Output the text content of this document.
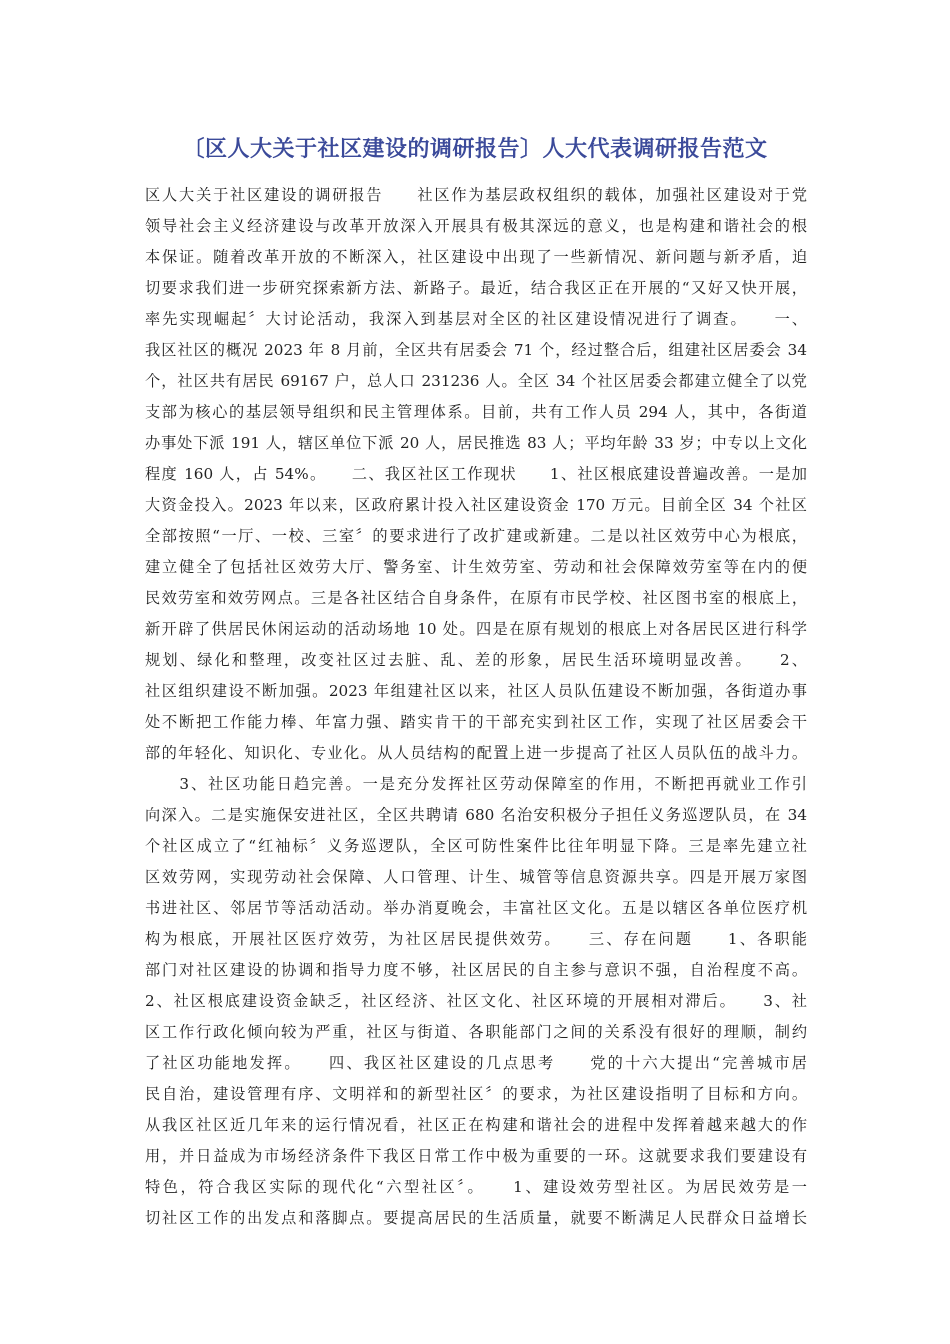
〔区人大关于社区建设的调研报告〕人大代表调研报告范文
区人大关于社区建设的调研报告　　社区作为基层政权组织的载体，加强社区建设对于党
领导社会主义经济建设与改革开放深入开展具有极其深远的意义，也是构建和谐社会的根
本保证。随着改革开放的不断深入，社区建设中出现了一些新情况、新问题与新矛盾，迫
切要求我们进一步研究探索新方法、新路子。最近，结合我区正在开展的“又好又快开展，
率先实现崛起〞大讨论活动，我深入到基层对全区的社区建设情况进行了调查。　　一、
我区社区的概况 2023 年 8 月前，全区共有居委会 71 个，经过整合后，组建社区居委会 34
个，社区共有居民 69167 户，总人口 231236 人。全区 34 个社区居委会都建立健全了以党
支部为核心的基层领导组织和民主管理体系。目前，共有工作人员 294 人，其中，各街道
办事处下派 191 人，辖区单位下派 20 人，居民推选 83 人；平均年龄 33 岁；中专以上文化
程度 160 人，占 54%。　　二、我区社区工作现状　　1、社区根底建设普遍改善。一是加
大资金投入。2023 年以来，区政府累计投入社区建设资金 170 万元。目前全区 34 个社区
全部按照“一厅、一校、三室〞的要求进行了改扩建或新建。二是以社区效劳中心为根底，
建立健全了包括社区效劳大厅、警务室、计生效劳室、劳动和社会保障效劳室等在内的便
民效劳室和效劳网点。三是各社区结合自身条件，在原有市民学校、社区图书室的根底上，
新开辟了供居民休闲运动的活动场地 10 处。四是在原有规划的根底上对各居民区进行科学
规划、绿化和整理，改变社区过去脏、乱、差的形象，居民生活环境明显改善。　　2、
社区组织建设不断加强。2023 年组建社区以来，社区人员队伍建设不断加强，各街道办事
处不断把工作能力棒、年富力强、踏实肯干的干部充实到社区工作，实现了社区居委会干
部的年轻化、知识化、专业化。从人员结构的配置上进一步提高了社区人员队伍的战斗力。
　　3、社区功能日趋完善。一是充分发挥社区劳动保障室的作用，不断把再就业工作引
向深入。二是实施保安进社区，全区共聘请 680 名治安积极分子担任义务巡逻队员，在 34
个社区成立了“红袖标〞义务巡逻队，全区可防性案件比往年明显下降。三是率先建立社
区效劳网，实现劳动社会保障、人口管理、计生、城管等信息资源共享。四是开展万家图
书进社区、邻居节等活动活动。举办消夏晚会，丰富社区文化。五是以辖区各单位医疗机
构为根底，开展社区医疗效劳，为社区居民提供效劳。　　三、存在问题　　1、各职能
部门对社区建设的协调和指导力度不够，社区居民的自主参与意识不强，自治程度不高。
2、社区根底建设资金缺乏，社区经济、社区文化、社区环境的开展相对滞后。　　3、社
区工作行政化倾向较为严重，社区与街道、各职能部门之间的关系没有很好的理顺，制约
了社区功能地发挥。　　四、我区社区建设的几点思考　　党的十六大提出“完善城市居
民自治，建设管理有序、文明祥和的新型社区〞的要求，为社区建设指明了目标和方向。
从我区社区近几年来的运行情况看，社区正在构建和谐社会的进程中发挥着越来越大的作
用，并日益成为市场经济条件下我区日常工作中极为重要的一环。这就要求我们要建设有
特色，符合我区实际的现代化“六型社区〞。　　1、建设效劳型社区。为居民效劳是一
切社区工作的出发点和落脚点。要提高居民的生活质量，就要不断满足人民群众日益增长
